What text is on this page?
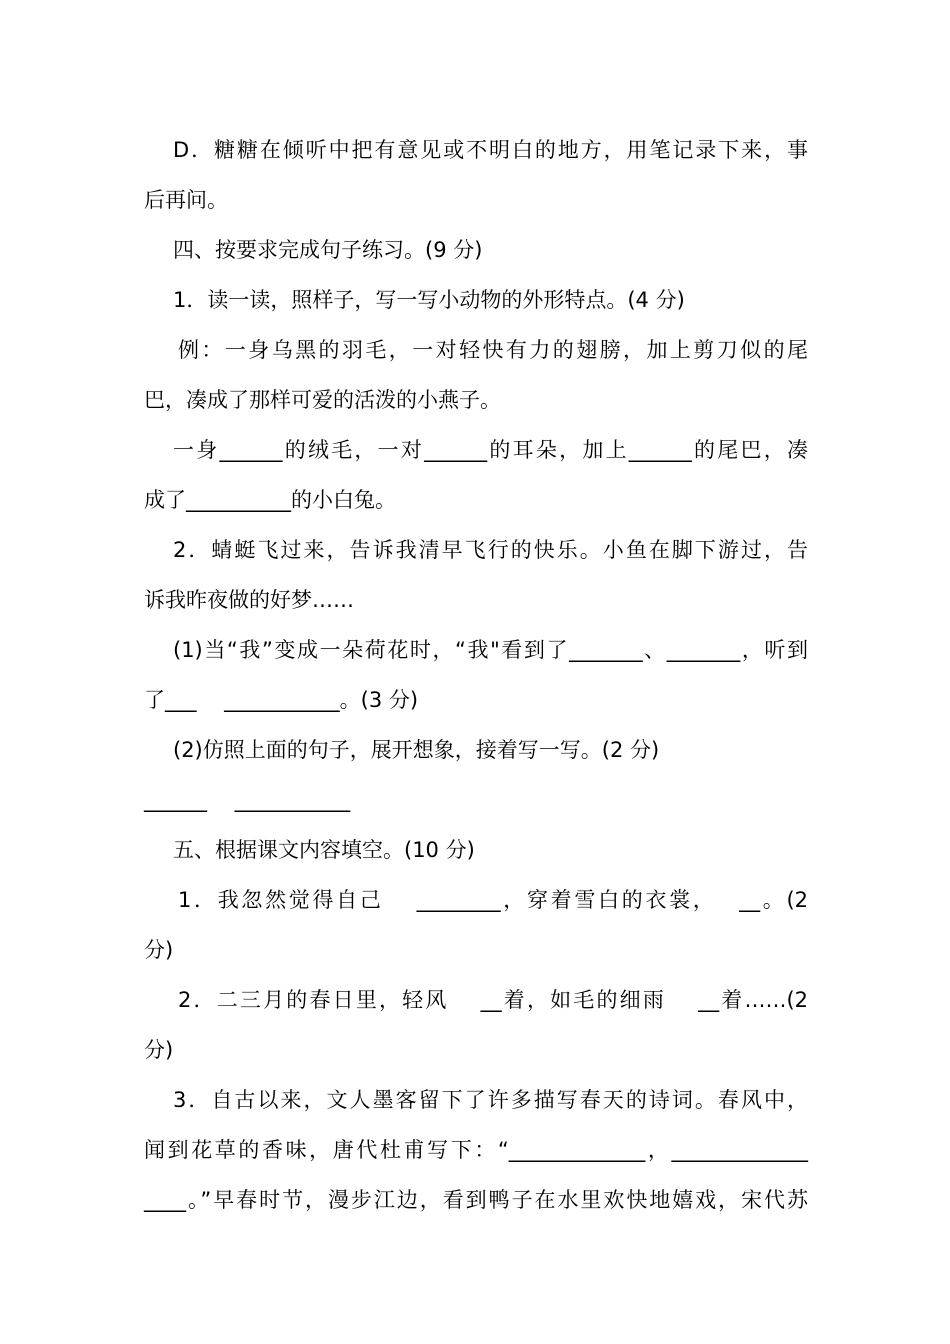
D．糖糖在倾听中把有意见或不明白的地方，用笔记录下来，事
后再问。
四、按要求完成句子练习。(9 分)
1．读一读，照样子，写一写小动物的外形特点。(4 分)
例：一身乌黑的羽毛，一对轻快有力的翅膀，加上剪刀似的尾
巴，凑成了那样可爱的活泼的小燕子。
一身______的绒毛，一对______的耳朵，加上______的尾巴，凑
成了__________的小白兔。
2．蜻蜓飞过来，告诉我清早飞行的快乐。小鱼在脚下游过，告
诉我昨夜做的好梦……
(1)当“我”变成一朵荷花时，“我"看到了_______、_______，听到
了___　 ___________。(3 分)
(2)仿照上面的句子，展开想象，接着写一写。(2 分)
______　 ___________
五、根据课文内容填空。(10 分)
1．我忽然觉得自己　 ________，穿着雪白的衣裳，　 __。(2
分)
2．二三月的春日里，轻风　 __着，如毛的细雨　 __着……(2
分)
3．自古以来，文人墨客留下了许多描写春天的诗词。春风中，
闻到花草的香味，唐代杜甫写下：“_____________，_____________
____。”早春时节，漫步江边，看到鸭子在水里欢快地嬉戏，宋代苏
